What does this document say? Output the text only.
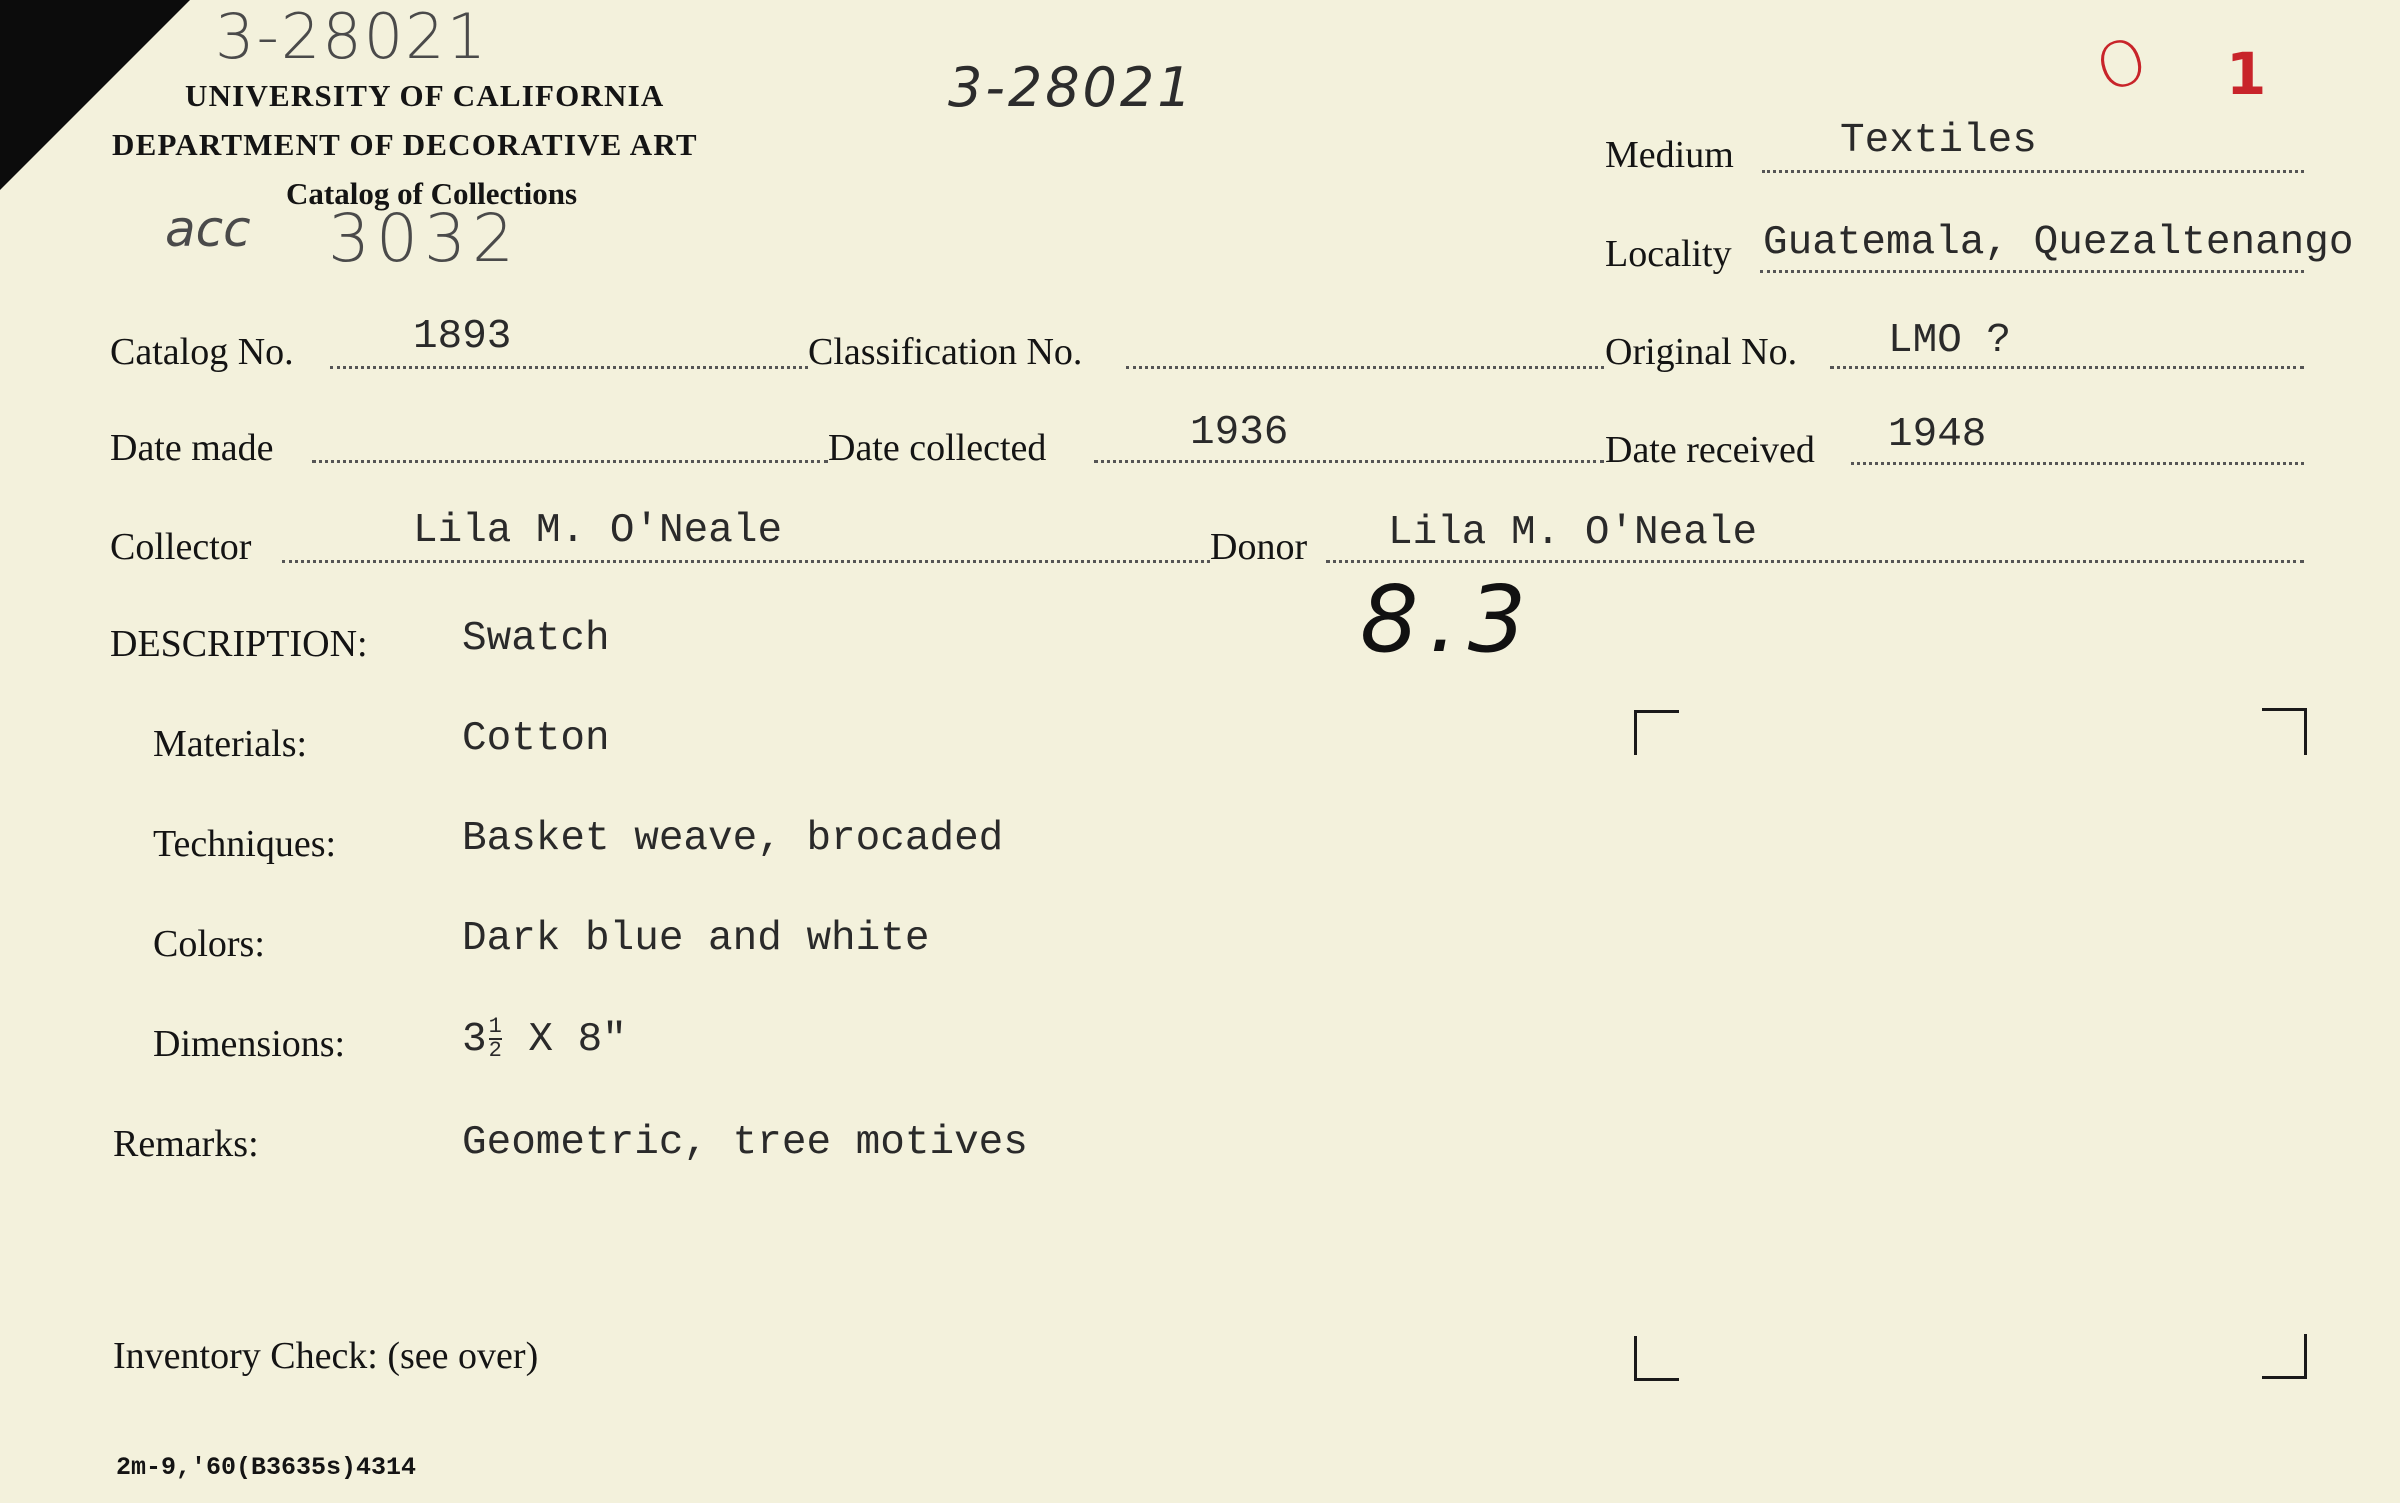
3-28021
3-28021
acc 3032
O 1
8.3
UNIVERSITY OF CALIFORNIA
DEPARTMENT OF DECORATIVE ART
Catalog of Collections
Medium	Textiles
Locality Guatemala, Quezaltenango
Catalog No.	1893	Classification No.	Original No. LMO ?
Date made	Date collected	1936	Date received 1948
Collector	Lila M. O'Neale	Donor Lila M. O'Neale
DESCRIPTION: Swatch
Materials:	Cotton
Techniques:	Basket weave, brocaded
Colors:	Dark blue and white
Dimensions:	$3 \frac{1}{2}$ X 8"
Remarks:	Geometric, tree motives
Inventory Check: (see over)
2m-9,'60(B3635s)4314
